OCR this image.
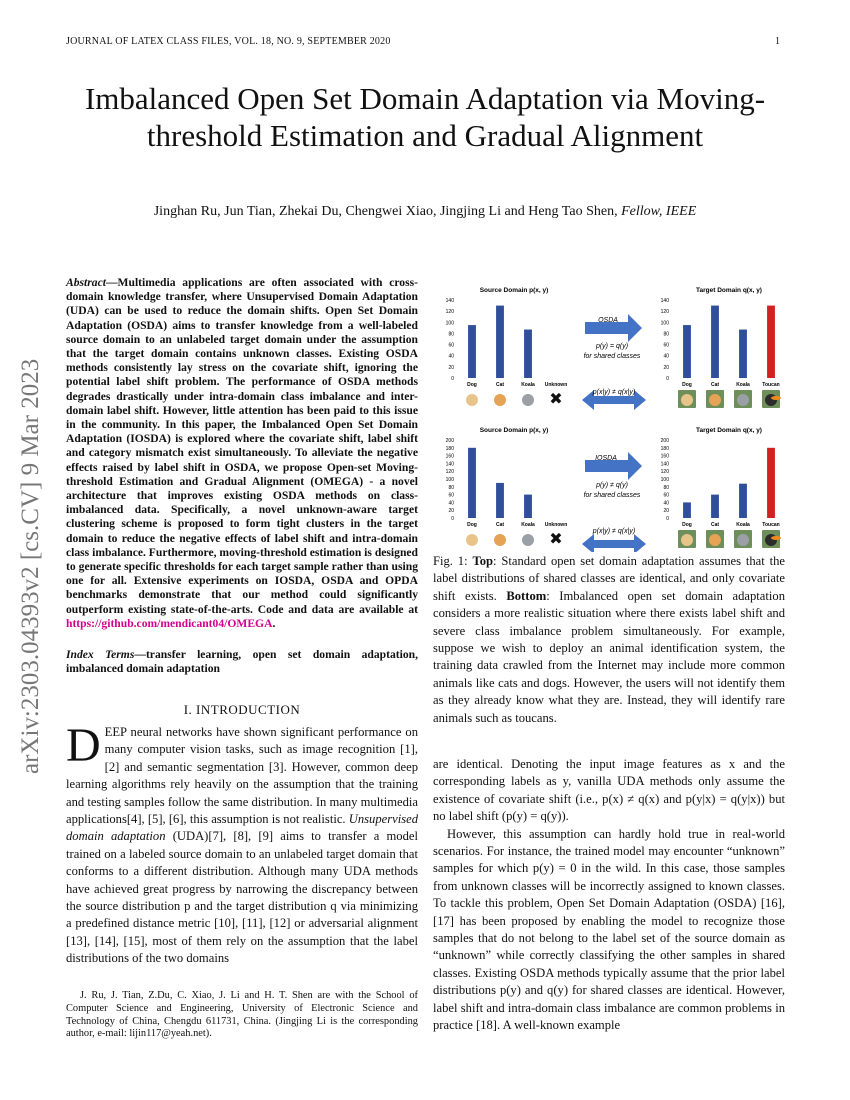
JOURNAL OF LATEX CLASS FILES, VOL. 18, NO. 9, SEPTEMBER 2020	1
Imbalanced Open Set Domain Adaptation via Moving-threshold Estimation and Gradual Alignment
Jinghan Ru, Jun Tian, Zhekai Du, Chengwei Xiao, Jingjing Li and Heng Tao Shen, Fellow, IEEE
arXiv:2303.04393v2 [cs.CV] 9 Mar 2023

Abstract—Multimedia applications are often associated with cross-domain knowledge transfer, where Unsupervised Domain Adaptation (UDA) can be used to reduce the domain shifts. Open Set Domain Adaptation (OSDA) aims to transfer knowledge from a well-labeled source domain to an unlabeled target domain under the assumption that the target domain contains unknown classes. Existing OSDA methods consistently lay stress on the covariate shift, ignoring the potential label shift problem. The performance of OSDA methods degrades drastically under intra-domain class imbalance and inter-domain label shift. However, little attention has been paid to this issue in the community. In this paper, the Imbalanced Open Set Domain Adaptation (IOSDA) is explored where the covariate shift, label shift and category mismatch exist simultaneously. To alleviate the negative effects raised by label shift in OSDA, we propose Open-set Moving-threshold Estimation and Gradual Alignment (OMEGA) - a novel architecture that improves existing OSDA methods on class-imbalanced data. Specifically, a novel unknown-aware target clustering scheme is proposed to form tight clusters in the target domain to reduce the negative effects of label shift and intra-domain class imbalance. Furthermore, moving-threshold estimation is designed to generate specific thresholds for each target sample rather than using one for all. Extensive experiments on IOSDA, OSDA and OPDA benchmarks demonstrate that our method could significantly outperform existing state-of-the-arts. Code and data are available at https://github.com/mendicant04/OMEGA.

Index Terms—transfer learning, open set domain adaptation, imbalanced domain adaptation

I. INTRODUCTION

DEEP neural networks have shown significant performance on many computer vision tasks, such as image recognition [1], [2] and semantic segmentation [3]. However, common deep learning algorithms rely heavily on the assumption that the training and testing samples follow the same distribution. In many multimedia applications[4], [5], [6], this assumption is not realistic. Unsupervised domain adaptation (UDA)[7], [8], [9] aims to transfer a model trained on a labeled source domain to an unlabeled target domain that conforms to a different distribution. Although many UDA methods have achieved great progress by narrowing the discrepancy between the source distribution p and the target distribution q via minimizing a predefined distance metric [10], [11], [12] or adversarial alignment [13], [14], [15], most of them rely on the assumption that the label distributions of the two domains

J. Ru, J. Tian, Z.Du, C. Xiao, J. Li and H. T. Shen are with the School of Computer Science and Engineering, University of Electronic Science and Technology of China, Chengdu 611731, China. (Jingjing Li is the corresponding author, e-mail: lijin117@yeah.net).

Source Domain p(x, y)
0
20
40
60
80
100
120
140
Dog	Cat	Koala Unknown
✖
Target Domain q(x, y)
0
20
40
60
80
100
120
140
Dog	Cat	Koala Toucan
Source Domain p(x, y)
0
20
40
60
80
100
120
140
160
180
200
Dog	Cat	Koala Unknown
✖
Target Domain q(x, y)
0
20
40
60
80
100
120
140
160
180
200
Dog	Cat	Koala Toucan
OSDA
p(y) = q(y)
for shared classes
p(x|y) ≠ q(x|y)
IOSDA
p(y) ≠ q(y)
for shared classes
p(x|y) ≠ q(x|y)

Fig. 1: Top: Standard open set domain adaptation assumes that the label distributions of shared classes are identical, and only covariate shift exists. Bottom: Imbalanced open set domain adaptation considers a more realistic situation where there exists label shift and severe class imbalance problem simultaneously. For example, suppose we wish to deploy an animal identification system, the training data crawled from the Internet may include more common animals like cats and dogs. However, the users will not identify them as they already know what they are. Instead, they will identify rare animals such as toucans.

are identical. Denoting the input image features as x and the corresponding labels as y, vanilla UDA methods only assume the existence of covariate shift (i.e., p(x) ≠ q(x) and p(y|x) = q(y|x)) but no label shift (p(y) = q(y)).

However, this assumption can hardly hold true in real-world scenarios. For instance, the trained model may encounter “unknown” samples for which p(y) = 0 in the wild. In this case, those samples from unknown classes will be incorrectly assigned to known classes. To tackle this problem, Open Set Domain Adaptation (OSDA) [16], [17] has been proposed by enabling the model to recognize those samples that do not belong to the label set of the source domain as “unknown” while correctly classifying the other samples in shared classes. Existing OSDA methods typically assume that the prior label distributions p(y) and q(y) for shared classes are identical. However, label shift and intra-domain class imbalance are common problems in practice [18]. A well-known example
